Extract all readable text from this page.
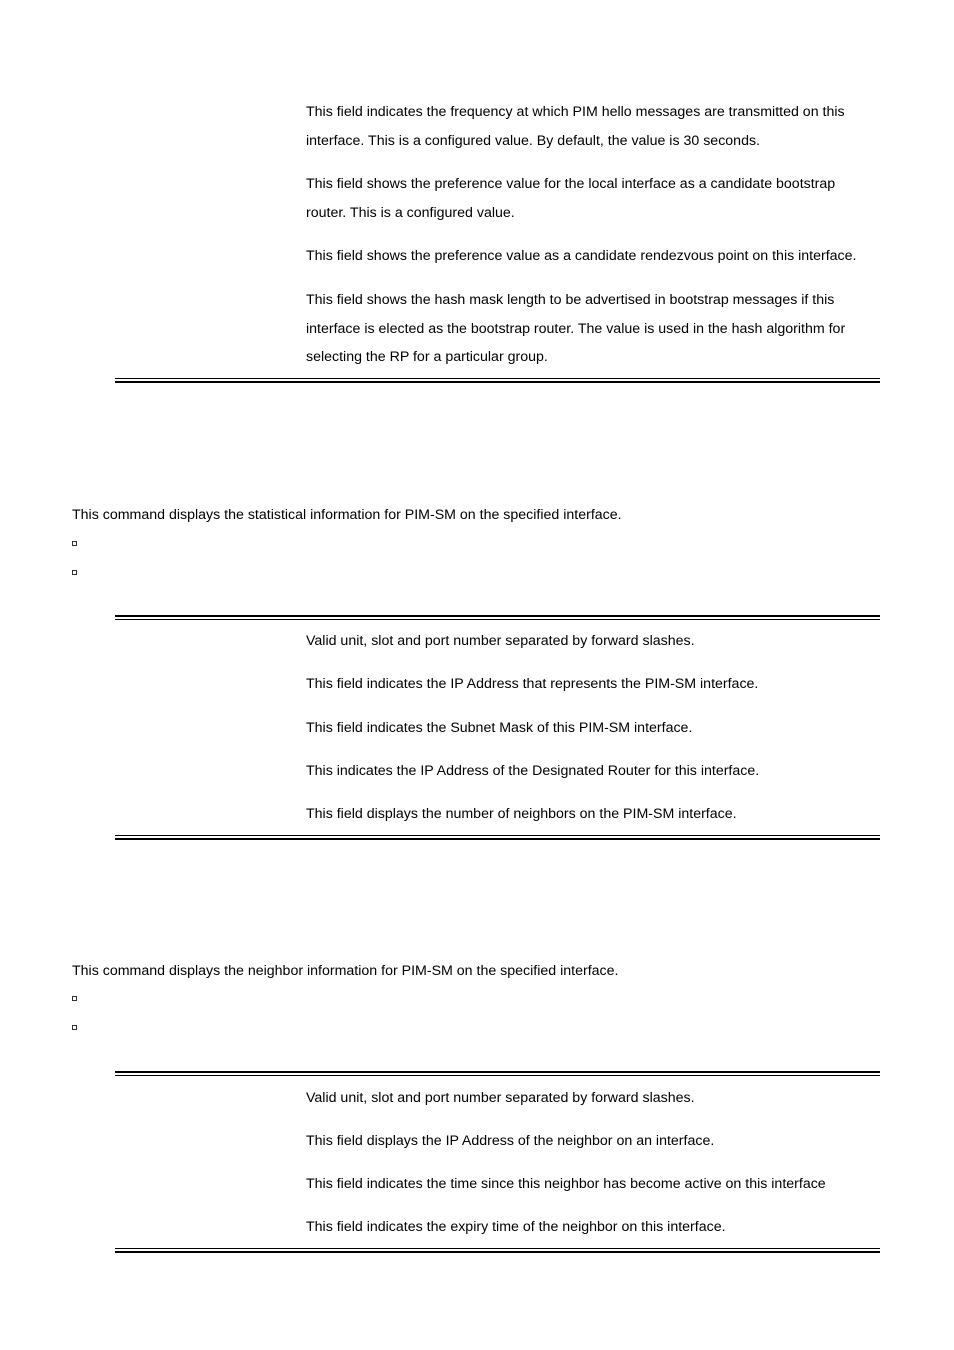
This field indicates the frequency at which PIM hello messages are transmitted on this interface. This is a configured value. By default, the value is 30 seconds.

This field shows the preference value for the local interface as a candidate bootstrap router. This is a configured value.

This field shows the preference value as a candidate rendezvous point on this interface.

This field shows the hash mask length to be advertised in bootstrap messages if this interface is elected as the bootstrap router. The value is used in the hash algorithm for selecting the RP for a particular group.

This command displays the statistical information for PIM-SM on the specified interface.

Valid unit, slot and port number separated by forward slashes.

This field indicates the IP Address that represents the PIM-SM interface.

This field indicates the Subnet Mask of this PIM-SM interface.

This indicates the IP Address of the Designated Router for this interface.

This field displays the number of neighbors on the PIM-SM interface.

This command displays the neighbor information for PIM-SM on the specified interface.

Valid unit, slot and port number separated by forward slashes.

This field displays the IP Address of the neighbor on an interface.

This field indicates the time since this neighbor has become active on this interface

This field indicates the expiry time of the neighbor on this interface.
